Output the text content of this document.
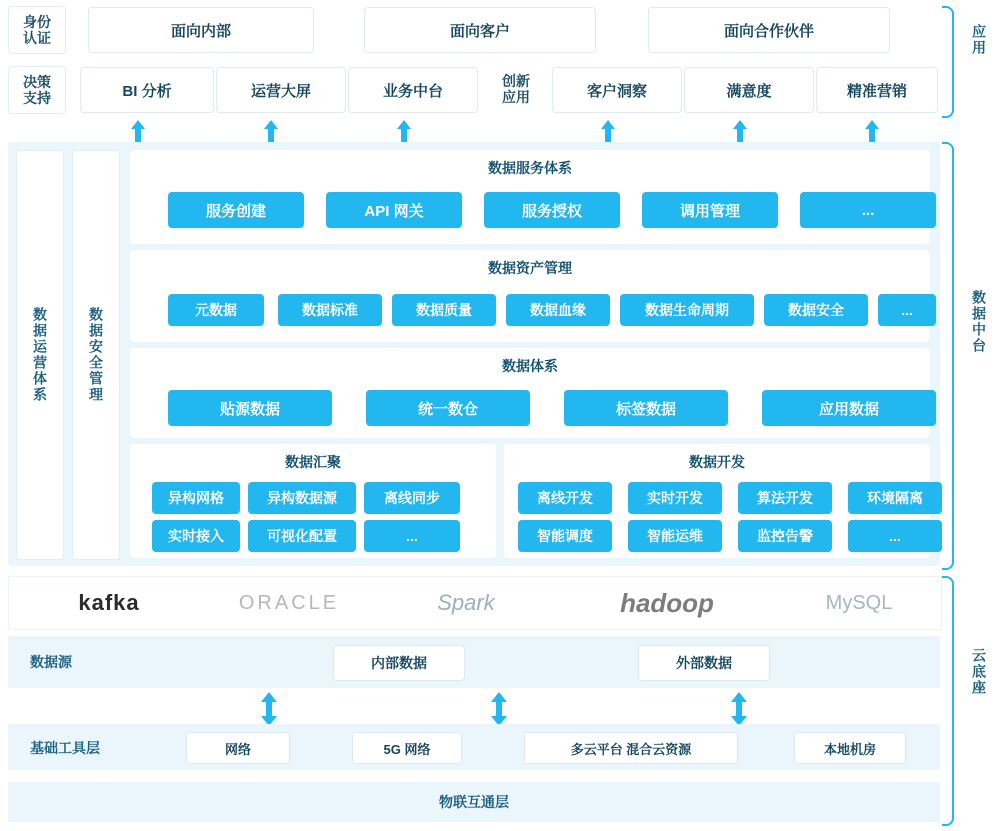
身份
认证	面向内部	面向客户	面向合作伙伴
决策
支持	BI 分析	运营大屏	业务中台
创新
应用	客户洞察	满意度	精准营销
数据运营体系	数据安全管理
数据服务体系
服务创建	API 网关	服务授权	调用管理	...
数据资产管理
元数据	数据标准	数据质量	数据血缘	数据生命周期	数据安全	...
数据体系
贴源数据	统一数仓	标签数据	应用数据
数据汇聚
异构网格	异构数据源	离线同步
实时接入	可视化配置	...
数据开发
离线开发	实时开发	算法开发	环境隔离
智能调度	智能运维	监控告警	...
kafka	ORACLE	Spark	hadoop	MySQL
数据源	内部数据	外部数据
基础工具层	网络	5G 网络	多云平台 混合云资源	本地机房
物联互通层
应用
数据中台
云底座
